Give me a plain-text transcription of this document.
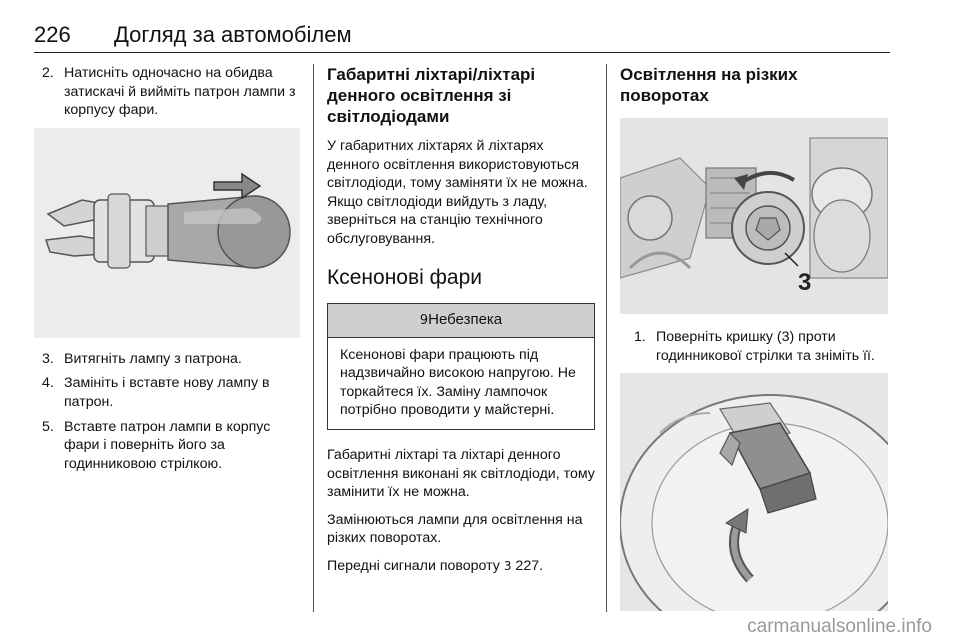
226 Догляд за автомобілем
2. Натисніть одночасно на обидва затискачі й вийміть патрон лампи з корпусу фари.
3. Витягніть лампу з патрона.
4. Замініть і вставте нову лампу в патрон.
5. Вставте патрон лампи в корпус фари і поверніть його за годинниковою стрілкою.
Габаритні ліхтарі/ліхтарі денного освітлення зі світлодіодами

У габаритних ліхтарях й ліхтарях денного освітлення використовуються світлодіоди, тому заміняти їх не можна. Якщо світлодіоди вийдуть з ладу, зверніться на станцію технічного обслуговування.

Ксенонові фари
9Небезпека
Ксенонові фари працюють під надзвичайно високою напругою. Не торкайтеся їх. Заміну лампочок потрібно проводити у майстерні.

Габаритні ліхтарі та ліхтарі денного освітлення виконані як світлодіоди, тому замінити їх не можна.

Замінюються лампи для освітлення на різких поворотах.

Передні сигнали повороту 3 227.

Освітлення на різких поворотах
3
1. Поверніть кришку (3) проти годинникової стрілки та зніміть її.
carmanualsonline.info
